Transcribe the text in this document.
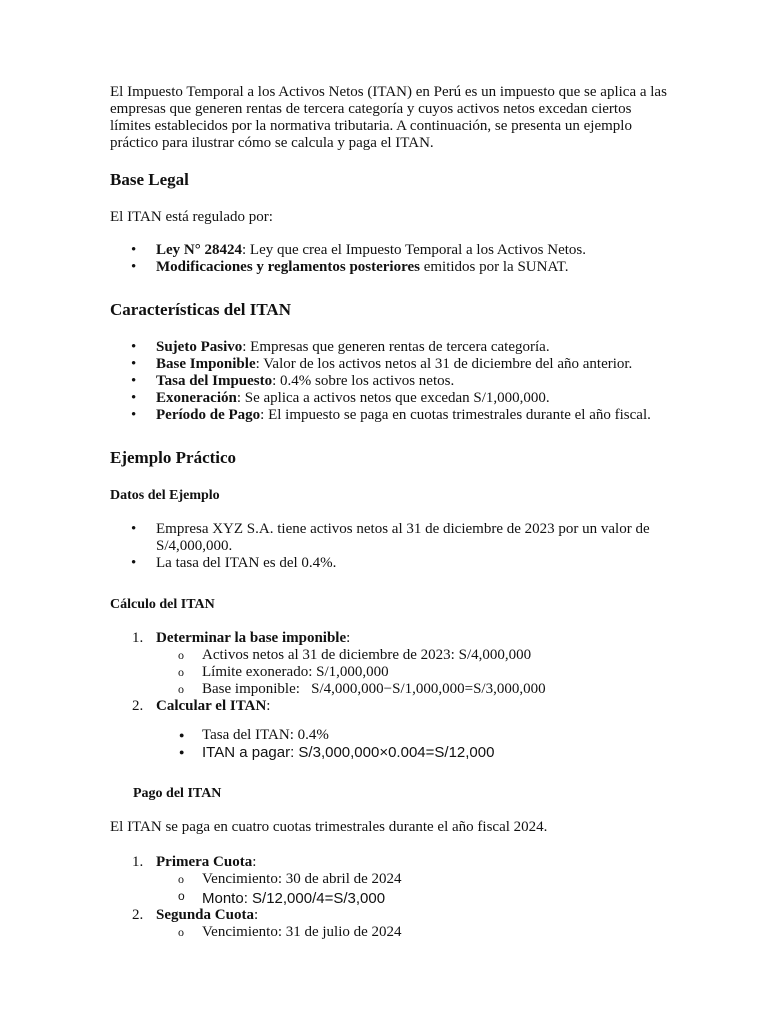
El Impuesto Temporal a los Activos Netos (ITAN) en Perú es un impuesto que se aplica a las empresas que generen rentas de tercera categoría y cuyos activos netos excedan ciertos límites establecidos por la normativa tributaria. A continuación, se presenta un ejemplo práctico para ilustrar cómo se calcula y paga el ITAN.

Base Legal

El ITAN está regulado por:

• Ley N° 28424: Ley que crea el Impuesto Temporal a los Activos Netos.
• Modificaciones y reglamentos posteriores emitidos por la SUNAT.
Características del ITAN
• Sujeto Pasivo: Empresas que generen rentas de tercera categoría.
• Base Imponible: Valor de los activos netos al 31 de diciembre del año anterior.
• Tasa del Impuesto: 0.4% sobre los activos netos.
• Exoneración: Se aplica a activos netos que excedan S/1,000,000.
• Período de Pago: El impuesto se paga en cuotas trimestrales durante el año fiscal.
Ejemplo Práctico
Datos del Ejemplo
• Empresa XYZ S.A. tiene activos netos al 31 de diciembre de 2023 por un valor de S/4,000,000.
• La tasa del ITAN es del 0.4%.
Cálculo del ITAN
1. Determinar la base imponible:
o Activos netos al 31 de diciembre de 2023: S/4,000,000
o Límite exonerado: S/1,000,000
o Base imponible:   S/4,000,000−S/1,000,000=S/3,000,000
2. Calcular el ITAN:
● Tasa del ITAN: 0.4%
● ITAN a pagar: S/3,000,000×0.004=S/12,000
Pago del ITAN

El ITAN se paga en cuatro cuotas trimestrales durante el año fiscal 2024.

1. Primera Cuota:
o Vencimiento: 30 de abril de 2024
o Monto: S/12,000/4=S/3,000
2. Segunda Cuota:
o Vencimiento: 31 de julio de 2024
